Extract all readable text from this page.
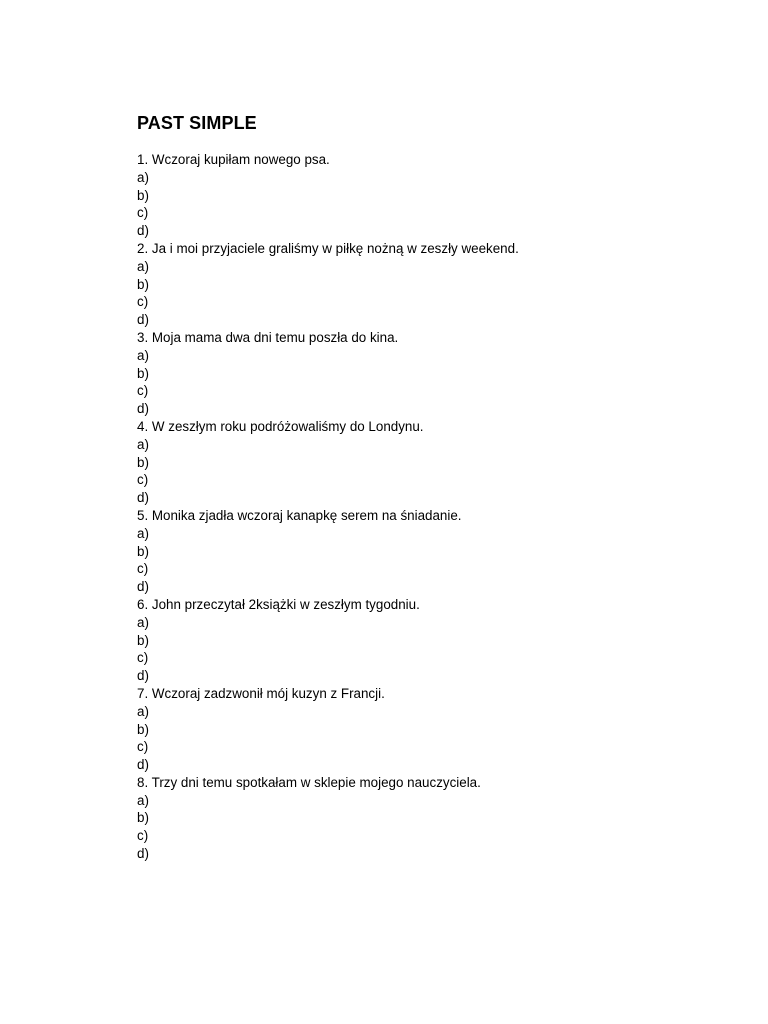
PAST SIMPLE
1. Wczoraj kupiłam nowego psa.
a)
b)
c)
d)
2. Ja i moi przyjaciele graliśmy w piłkę nożną w zeszły weekend.
a)
b)
c)
d)
3. Moja mama dwa dni temu poszła do kina.
a)
b)
c)
d)
4. W zeszłym roku podróżowaliśmy do Londynu.
a)
b)
c)
d)
5. Monika zjadła wczoraj kanapkę serem na śniadanie.
a)
b)
c)
d)
6. John przeczytał 2książki w zeszłym tygodniu.
a)
b)
c)
d)
7. Wczoraj zadzwonił mój kuzyn z Francji.
a)
b)
c)
d)
8. Trzy dni temu spotkałam w sklepie mojego nauczyciela.
a)
b)
c)
d)
